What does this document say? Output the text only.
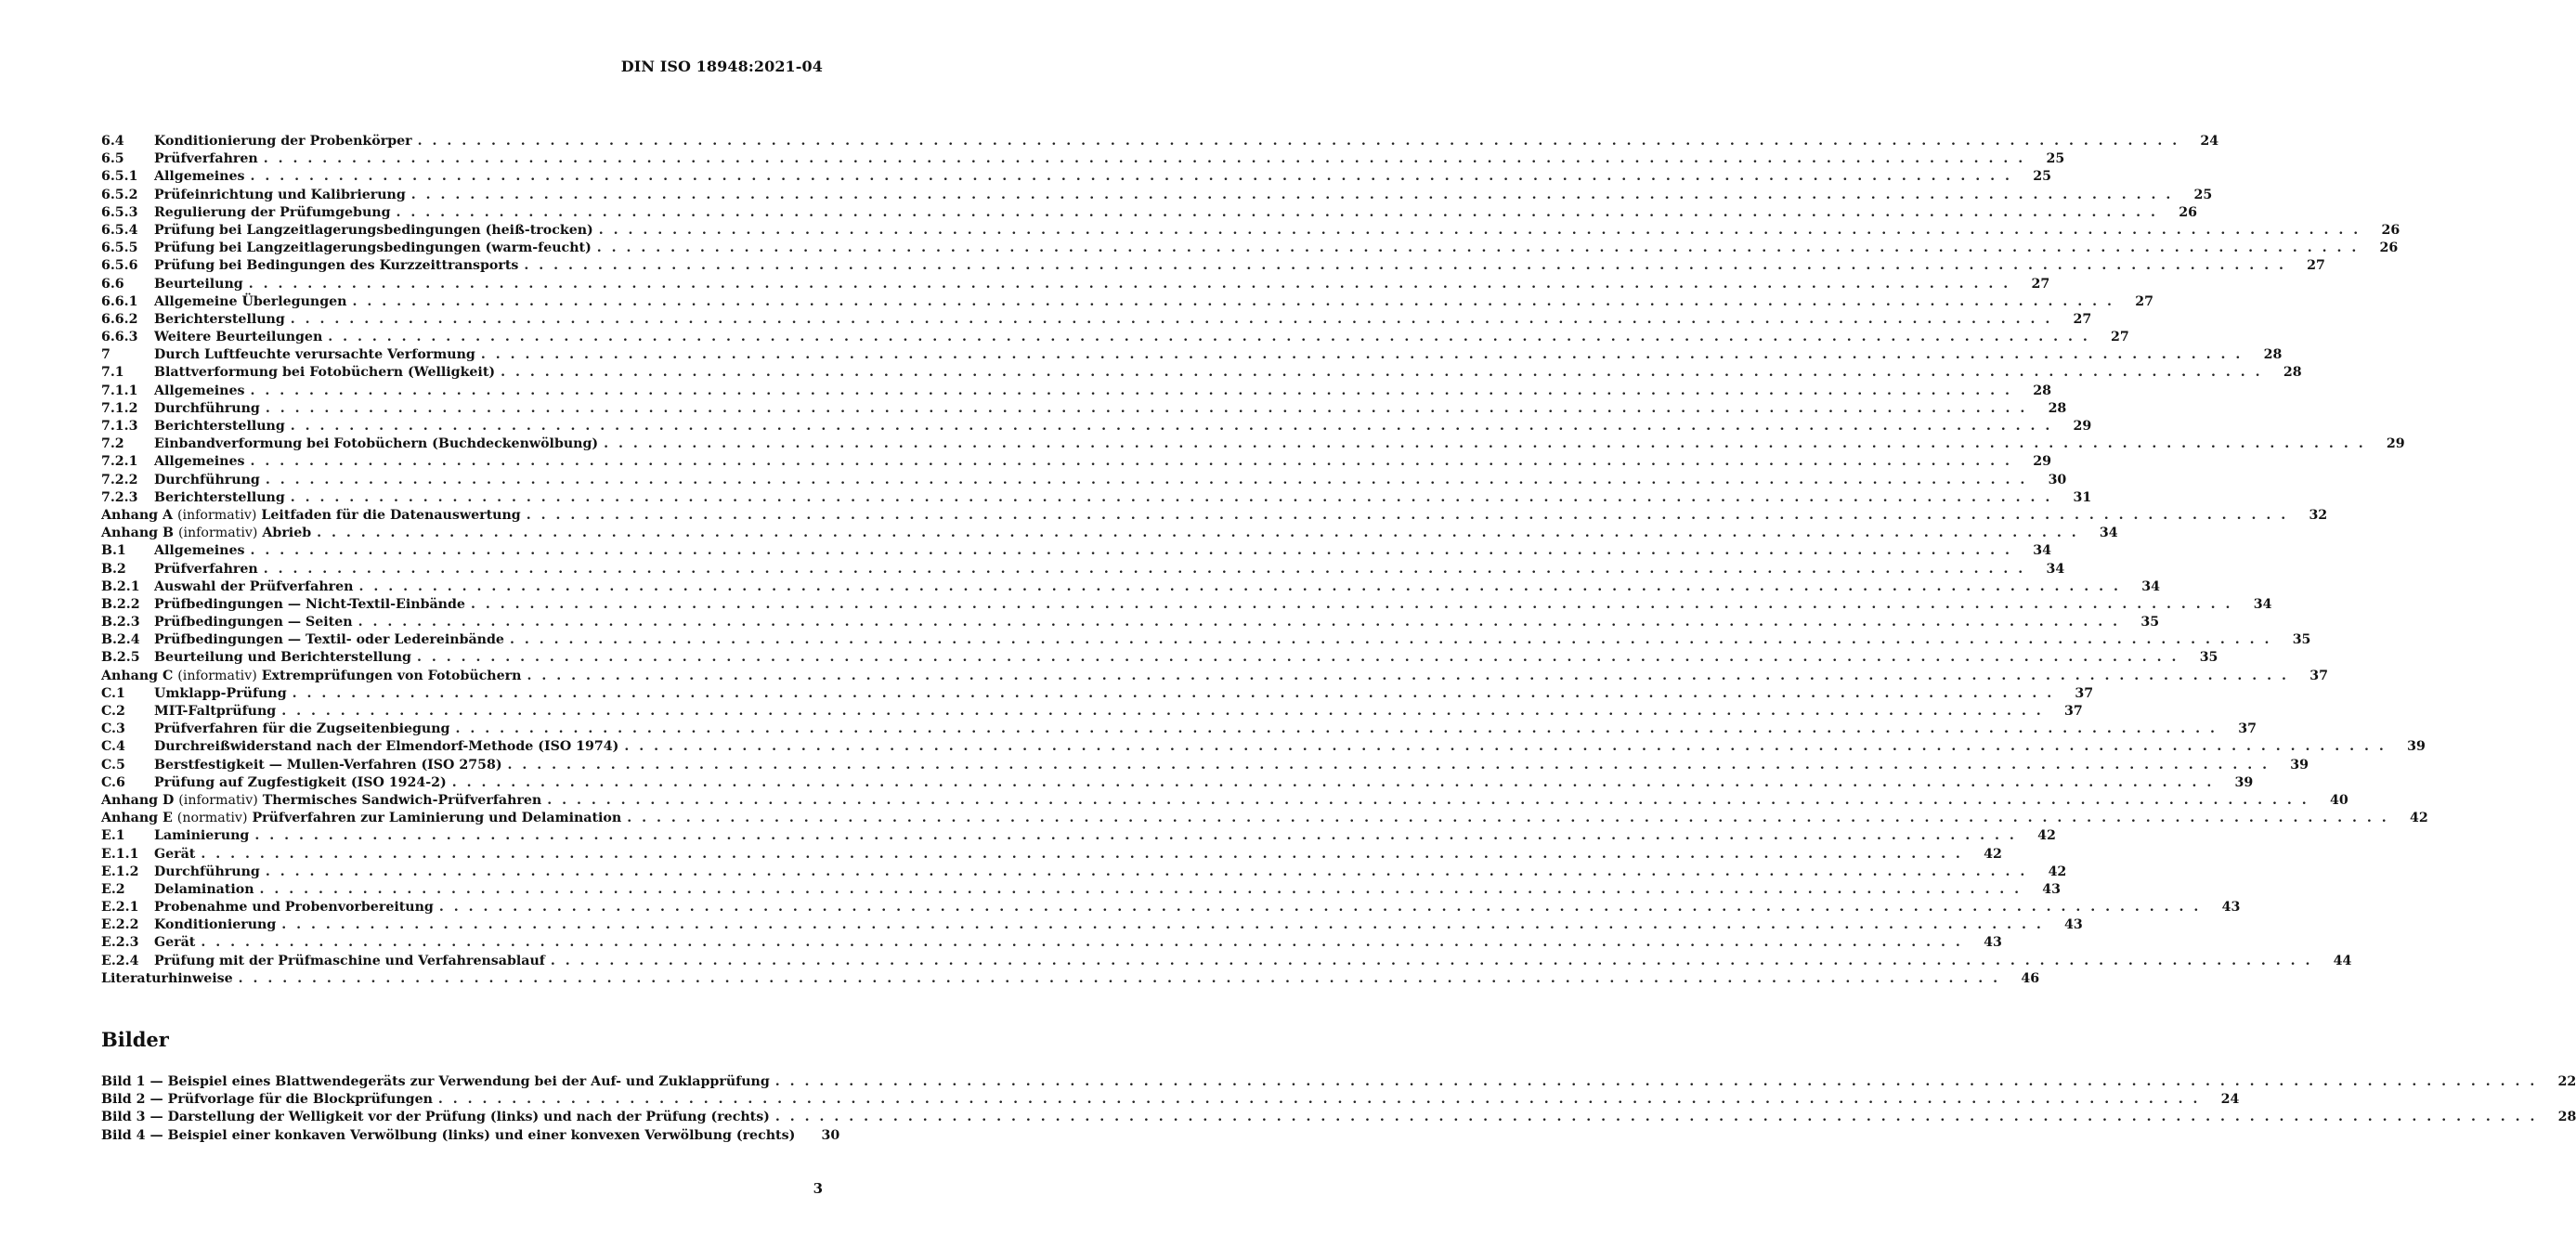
DIN ISO 18948:2021-04
6.4	Konditionierung der Probenkörper . . . . . . . . . . . . . . . . . . . . . . . . . . . . . . . . . . . . . . . . . . . . . . . . . . . . . . . . . . . . . . . . . . . . . . . . . . . . . . . . . . . . . . . . . . . . . . . . . . . . . . . . . . . . . . . . . . . . . . . .	24
6.5	Prüfverfahren . . . . . . . . . . . . . . . . . . . . . . . . . . . . . . . . . . . . . . . . . . . . . . . . . . . . . . . . . . . . . . . . . . . . . . . . . . . . . . . . . . . . . . . . . . . . . . . . . . . . . . . . . . . . . . . . . . . . . . . .	25
6.5.1	Allgemeines . . . . . . . . . . . . . . . . . . . . . . . . . . . . . . . . . . . . . . . . . . . . . . . . . . . . . . . . . . . . . . . . . . . . . . . . . . . . . . . . . . . . . . . . . . . . . . . . . . . . . . . . . . . . . . . . . . . . . . . .	25
6.5.2	Prüfeinrichtung und Kalibrierung . . . . . . . . . . . . . . . . . . . . . . . . . . . . . . . . . . . . . . . . . . . . . . . . . . . . . . . . . . . . . . . . . . . . . . . . . . . . . . . . . . . . . . . . . . . . . . . . . . . . . . . . . . . . . . . . . . . . . . . .	25
6.5.3	Regulierung der Prüfumgebung . . . . . . . . . . . . . . . . . . . . . . . . . . . . . . . . . . . . . . . . . . . . . . . . . . . . . . . . . . . . . . . . . . . . . . . . . . . . . . . . . . . . . . . . . . . . . . . . . . . . . . . . . . . . . . . . . . . . . . . .	26
6.5.4	Prüfung bei Langzeitlagerungsbedingungen (heiß-trocken) . . . . . . . . . . . . . . . . . . . . . . . . . . . . . . . . . . . . . . . . . . . . . . . . . . . . . . . . . . . . . . . . . . . . . . . . . . . . . . . . . . . . . . . . . . . . . . . . . . . . . . . . . . . . . . . . . . . . . . . .	26
6.5.5	Prüfung bei Langzeitlagerungsbedingungen (warm-feucht) . . . . . . . . . . . . . . . . . . . . . . . . . . . . . . . . . . . . . . . . . . . . . . . . . . . . . . . . . . . . . . . . . . . . . . . . . . . . . . . . . . . . . . . . . . . . . . . . . . . . . . . . . . . . . . . . . . . . . . . .	26
6.5.6	Prüfung bei Bedingungen des Kurzzeittransports . . . . . . . . . . . . . . . . . . . . . . . . . . . . . . . . . . . . . . . . . . . . . . . . . . . . . . . . . . . . . . . . . . . . . . . . . . . . . . . . . . . . . . . . . . . . . . . . . . . . . . . . . . . . . . . . . . . . . . . .	27
6.6	Beurteilung . . . . . . . . . . . . . . . . . . . . . . . . . . . . . . . . . . . . . . . . . . . . . . . . . . . . . . . . . . . . . . . . . . . . . . . . . . . . . . . . . . . . . . . . . . . . . . . . . . . . . . . . . . . . . . . . . . . . . . . .	27
6.6.1	Allgemeine Überlegungen . . . . . . . . . . . . . . . . . . . . . . . . . . . . . . . . . . . . . . . . . . . . . . . . . . . . . . . . . . . . . . . . . . . . . . . . . . . . . . . . . . . . . . . . . . . . . . . . . . . . . . . . . . . . . . . . . . . . . . . .	27
6.6.2	Berichterstellung . . . . . . . . . . . . . . . . . . . . . . . . . . . . . . . . . . . . . . . . . . . . . . . . . . . . . . . . . . . . . . . . . . . . . . . . . . . . . . . . . . . . . . . . . . . . . . . . . . . . . . . . . . . . . . . . . . . . . . . .	27
6.6.3	Weitere Beurteilungen . . . . . . . . . . . . . . . . . . . . . . . . . . . . . . . . . . . . . . . . . . . . . . . . . . . . . . . . . . . . . . . . . . . . . . . . . . . . . . . . . . . . . . . . . . . . . . . . . . . . . . . . . . . . . . . . . . . . . . . .	27
7	Durch Luftfeuchte verursachte Verformung . . . . . . . . . . . . . . . . . . . . . . . . . . . . . . . . . . . . . . . . . . . . . . . . . . . . . . . . . . . . . . . . . . . . . . . . . . . . . . . . . . . . . . . . . . . . . . . . . . . . . . . . . . . . . . . . . . . . . . . .	28
7.1	Blattverformung bei Fotobüchern (Welligkeit) . . . . . . . . . . . . . . . . . . . . . . . . . . . . . . . . . . . . . . . . . . . . . . . . . . . . . . . . . . . . . . . . . . . . . . . . . . . . . . . . . . . . . . . . . . . . . . . . . . . . . . . . . . . . . . . . . . . . . . . .	28
7.1.1	Allgemeines . . . . . . . . . . . . . . . . . . . . . . . . . . . . . . . . . . . . . . . . . . . . . . . . . . . . . . . . . . . . . . . . . . . . . . . . . . . . . . . . . . . . . . . . . . . . . . . . . . . . . . . . . . . . . . . . . . . . . . . .	28
7.1.2	Durchführung . . . . . . . . . . . . . . . . . . . . . . . . . . . . . . . . . . . . . . . . . . . . . . . . . . . . . . . . . . . . . . . . . . . . . . . . . . . . . . . . . . . . . . . . . . . . . . . . . . . . . . . . . . . . . . . . . . . . . . . .	28
7.1.3	Berichterstellung . . . . . . . . . . . . . . . . . . . . . . . . . . . . . . . . . . . . . . . . . . . . . . . . . . . . . . . . . . . . . . . . . . . . . . . . . . . . . . . . . . . . . . . . . . . . . . . . . . . . . . . . . . . . . . . . . . . . . . . .	29
7.2	Einbandverformung bei Fotobüchern (Buchdeckenwölbung) . . . . . . . . . . . . . . . . . . . . . . . . . . . . . . . . . . . . . . . . . . . . . . . . . . . . . . . . . . . . . . . . . . . . . . . . . . . . . . . . . . . . . . . . . . . . . . . . . . . . . . . . . . . . . . . . . . . . . . . .	29
7.2.1	Allgemeines . . . . . . . . . . . . . . . . . . . . . . . . . . . . . . . . . . . . . . . . . . . . . . . . . . . . . . . . . . . . . . . . . . . . . . . . . . . . . . . . . . . . . . . . . . . . . . . . . . . . . . . . . . . . . . . . . . . . . . . .	29
7.2.2	Durchführung . . . . . . . . . . . . . . . . . . . . . . . . . . . . . . . . . . . . . . . . . . . . . . . . . . . . . . . . . . . . . . . . . . . . . . . . . . . . . . . . . . . . . . . . . . . . . . . . . . . . . . . . . . . . . . . . . . . . . . . .	30
7.2.3	Berichterstellung . . . . . . . . . . . . . . . . . . . . . . . . . . . . . . . . . . . . . . . . . . . . . . . . . . . . . . . . . . . . . . . . . . . . . . . . . . . . . . . . . . . . . . . . . . . . . . . . . . . . . . . . . . . . . . . . . . . . . . . .	31
Anhang A (informativ) Leitfaden für die Datenauswertung . . . . . . . . . . . . . . . . . . . . . . . . . . . . . . . . . . . . . . . . . . . . . . . . . . . . . . . . . . . . . . . . . . . . . . . . . . . . . . . . . . . . . . . . . . . . . . . . . . . . . . . . . . . . . . . . . . . . . . . .	32
Anhang B (informativ) Abrieb . . . . . . . . . . . . . . . . . . . . . . . . . . . . . . . . . . . . . . . . . . . . . . . . . . . . . . . . . . . . . . . . . . . . . . . . . . . . . . . . . . . . . . . . . . . . . . . . . . . . . . . . . . . . . . . . . . . . . . . .	34
B.1	Allgemeines . . . . . . . . . . . . . . . . . . . . . . . . . . . . . . . . . . . . . . . . . . . . . . . . . . . . . . . . . . . . . . . . . . . . . . . . . . . . . . . . . . . . . . . . . . . . . . . . . . . . . . . . . . . . . . . . . . . . . . . .	34
B.2	Prüfverfahren . . . . . . . . . . . . . . . . . . . . . . . . . . . . . . . . . . . . . . . . . . . . . . . . . . . . . . . . . . . . . . . . . . . . . . . . . . . . . . . . . . . . . . . . . . . . . . . . . . . . . . . . . . . . . . . . . . . . . . . .	34
B.2.1	Auswahl der Prüfverfahren . . . . . . . . . . . . . . . . . . . . . . . . . . . . . . . . . . . . . . . . . . . . . . . . . . . . . . . . . . . . . . . . . . . . . . . . . . . . . . . . . . . . . . . . . . . . . . . . . . . . . . . . . . . . . . . . . . . . . . . .	34
B.2.2	Prüfbedingungen — Nicht-Textil-Einbände . . . . . . . . . . . . . . . . . . . . . . . . . . . . . . . . . . . . . . . . . . . . . . . . . . . . . . . . . . . . . . . . . . . . . . . . . . . . . . . . . . . . . . . . . . . . . . . . . . . . . . . . . . . . . . . . . . . . . . . .	34
B.2.3	Prüfbedingungen — Seiten . . . . . . . . . . . . . . . . . . . . . . . . . . . . . . . . . . . . . . . . . . . . . . . . . . . . . . . . . . . . . . . . . . . . . . . . . . . . . . . . . . . . . . . . . . . . . . . . . . . . . . . . . . . . . . . . . . . . . . . .	35
B.2.4	Prüfbedingungen — Textil- oder Ledereinbände . . . . . . . . . . . . . . . . . . . . . . . . . . . . . . . . . . . . . . . . . . . . . . . . . . . . . . . . . . . . . . . . . . . . . . . . . . . . . . . . . . . . . . . . . . . . . . . . . . . . . . . . . . . . . . . . . . . . . . . .	35
B.2.5	Beurteilung und Berichterstellung . . . . . . . . . . . . . . . . . . . . . . . . . . . . . . . . . . . . . . . . . . . . . . . . . . . . . . . . . . . . . . . . . . . . . . . . . . . . . . . . . . . . . . . . . . . . . . . . . . . . . . . . . . . . . . . . . . . . . . . .	35
Anhang C (informativ) Extremprüfungen von Fotobüchern . . . . . . . . . . . . . . . . . . . . . . . . . . . . . . . . . . . . . . . . . . . . . . . . . . . . . . . . . . . . . . . . . . . . . . . . . . . . . . . . . . . . . . . . . . . . . . . . . . . . . . . . . . . . . . . . . . . . . . . .	37
C.1	Umklapp-Prüfung . . . . . . . . . . . . . . . . . . . . . . . . . . . . . . . . . . . . . . . . . . . . . . . . . . . . . . . . . . . . . . . . . . . . . . . . . . . . . . . . . . . . . . . . . . . . . . . . . . . . . . . . . . . . . . . . . . . . . . . .	37
C.2	MIT-Faltprüfung . . . . . . . . . . . . . . . . . . . . . . . . . . . . . . . . . . . . . . . . . . . . . . . . . . . . . . . . . . . . . . . . . . . . . . . . . . . . . . . . . . . . . . . . . . . . . . . . . . . . . . . . . . . . . . . . . . . . . . . .	37
C.3	Prüfverfahren für die Zugseitenbiegung . . . . . . . . . . . . . . . . . . . . . . . . . . . . . . . . . . . . . . . . . . . . . . . . . . . . . . . . . . . . . . . . . . . . . . . . . . . . . . . . . . . . . . . . . . . . . . . . . . . . . . . . . . . . . . . . . . . . . . . .	37
C.4	Durchreißwiderstand nach der Elmendorf-Methode (ISO 1974) . . . . . . . . . . . . . . . . . . . . . . . . . . . . . . . . . . . . . . . . . . . . . . . . . . . . . . . . . . . . . . . . . . . . . . . . . . . . . . . . . . . . . . . . . . . . . . . . . . . . . . . . . . . . . . . . . . . . . . . .	39
C.5	Berstfestigkeit — Mullen-Verfahren (ISO 2758) . . . . . . . . . . . . . . . . . . . . . . . . . . . . . . . . . . . . . . . . . . . . . . . . . . . . . . . . . . . . . . . . . . . . . . . . . . . . . . . . . . . . . . . . . . . . . . . . . . . . . . . . . . . . . . . . . . . . . . . .	39
C.6	Prüfung auf Zugfestigkeit (ISO 1924-2) . . . . . . . . . . . . . . . . . . . . . . . . . . . . . . . . . . . . . . . . . . . . . . . . . . . . . . . . . . . . . . . . . . . . . . . . . . . . . . . . . . . . . . . . . . . . . . . . . . . . . . . . . . . . . . . . . . . . . . . .	39
Anhang D (informativ) Thermisches Sandwich-Prüfverfahren . . . . . . . . . . . . . . . . . . . . . . . . . . . . . . . . . . . . . . . . . . . . . . . . . . . . . . . . . . . . . . . . . . . . . . . . . . . . . . . . . . . . . . . . . . . . . . . . . . . . . . . . . . . . . . . . . . . . . . . .	40
Anhang E (normativ) Prüfverfahren zur Laminierung und Delamination . . . . . . . . . . . . . . . . . . . . . . . . . . . . . . . . . . . . . . . . . . . . . . . . . . . . . . . . . . . . . . . . . . . . . . . . . . . . . . . . . . . . . . . . . . . . . . . . . . . . . . . . . . . . . . . . . . . . . . . .	42
E.1	Laminierung . . . . . . . . . . . . . . . . . . . . . . . . . . . . . . . . . . . . . . . . . . . . . . . . . . . . . . . . . . . . . . . . . . . . . . . . . . . . . . . . . . . . . . . . . . . . . . . . . . . . . . . . . . . . . . . . . . . . . . . .	42
E.1.1	Gerät . . . . . . . . . . . . . . . . . . . . . . . . . . . . . . . . . . . . . . . . . . . . . . . . . . . . . . . . . . . . . . . . . . . . . . . . . . . . . . . . . . . . . . . . . . . . . . . . . . . . . . . . . . . . . . . . . . . . . . . .	42
E.1.2	Durchführung . . . . . . . . . . . . . . . . . . . . . . . . . . . . . . . . . . . . . . . . . . . . . . . . . . . . . . . . . . . . . . . . . . . . . . . . . . . . . . . . . . . . . . . . . . . . . . . . . . . . . . . . . . . . . . . . . . . . . . . .	42
E.2	Delamination . . . . . . . . . . . . . . . . . . . . . . . . . . . . . . . . . . . . . . . . . . . . . . . . . . . . . . . . . . . . . . . . . . . . . . . . . . . . . . . . . . . . . . . . . . . . . . . . . . . . . . . . . . . . . . . . . . . . . . . .	43
E.2.1	Probenahme und Probenvorbereitung . . . . . . . . . . . . . . . . . . . . . . . . . . . . . . . . . . . . . . . . . . . . . . . . . . . . . . . . . . . . . . . . . . . . . . . . . . . . . . . . . . . . . . . . . . . . . . . . . . . . . . . . . . . . . . . . . . . . . . . .	43
E.2.2	Konditionierung . . . . . . . . . . . . . . . . . . . . . . . . . . . . . . . . . . . . . . . . . . . . . . . . . . . . . . . . . . . . . . . . . . . . . . . . . . . . . . . . . . . . . . . . . . . . . . . . . . . . . . . . . . . . . . . . . . . . . . . .	43
E.2.3	Gerät . . . . . . . . . . . . . . . . . . . . . . . . . . . . . . . . . . . . . . . . . . . . . . . . . . . . . . . . . . . . . . . . . . . . . . . . . . . . . . . . . . . . . . . . . . . . . . . . . . . . . . . . . . . . . . . . . . . . . . . .	43
E.2.4	Prüfung mit der Prüfmaschine und Verfahrensablauf . . . . . . . . . . . . . . . . . . . . . . . . . . . . . . . . . . . . . . . . . . . . . . . . . . . . . . . . . . . . . . . . . . . . . . . . . . . . . . . . . . . . . . . . . . . . . . . . . . . . . . . . . . . . . . . . . . . . . . . .	44
Literaturhinweise . . . . . . . . . . . . . . . . . . . . . . . . . . . . . . . . . . . . . . . . . . . . . . . . . . . . . . . . . . . . . . . . . . . . . . . . . . . . . . . . . . . . . . . . . . . . . . . . . . . . . . . . . . . . . . . . . . . . . . . .	46
Bilder
Bild 1 — Beispiel eines Blattwendegeräts zur Verwendung bei der Auf- und Zuklapprüfung . . . . . . . . . . . . . . . . . . . . . . . . . . . . . . . . . . . . . . . . . . . . . . . . . . . . . . . . . . . . . . . . . . . . . . . . . . . . . . . . . . . . . . . . . . . . . . . . . . . . . . . . . . . . . . . . . . . . . . . .	22
Bild 2 — Prüfvorlage für die Blockprüfungen . . . . . . . . . . . . . . . . . . . . . . . . . . . . . . . . . . . . . . . . . . . . . . . . . . . . . . . . . . . . . . . . . . . . . . . . . . . . . . . . . . . . . . . . . . . . . . . . . . . . . . . . . . . . . . . . . . . . . . . .	24
Bild 3 — Darstellung der Welligkeit vor der Prüfung (links) und nach der Prüfung (rechts) . . . . . . . . . . . . . . . . . . . . . . . . . . . . . . . . . . . . . . . . . . . . . . . . . . . . . . . . . . . . . . . . . . . . . . . . . . . . . . . . . . . . . . . . . . . . . . . . . . . . . . . . . . . . . . . . . . . . . . . .	28
Bild 4 — Beispiel einer konkaven Verwölbung (links) und einer konvexen Verwölbung (rechts)	30
3
